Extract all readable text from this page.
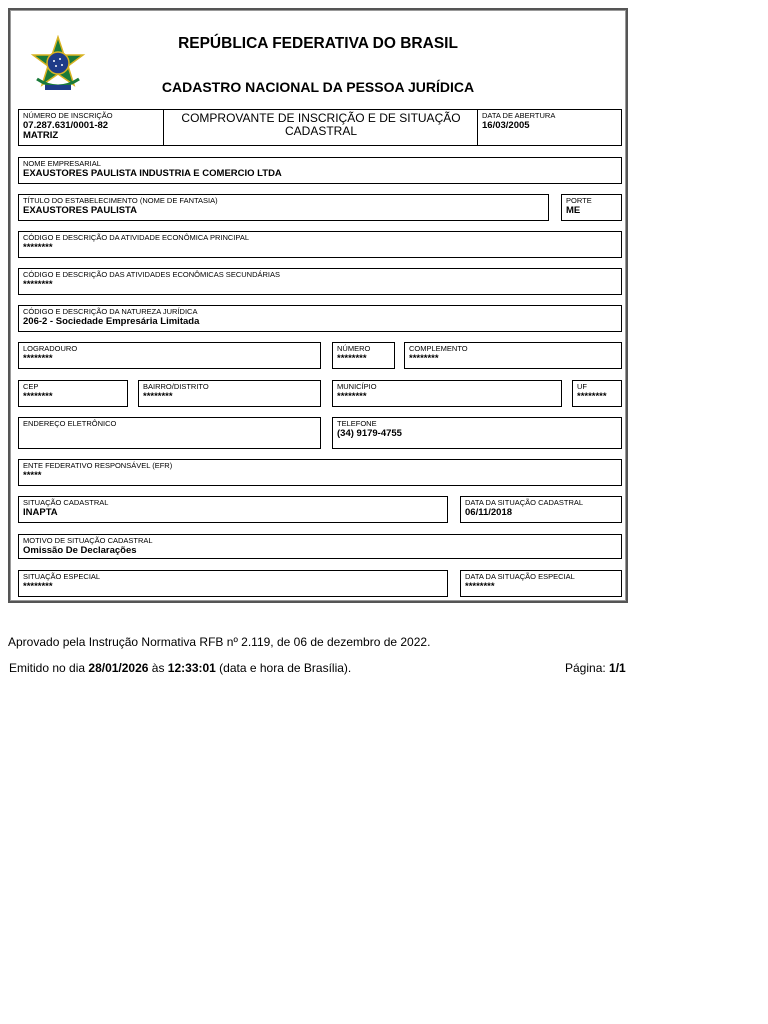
REPÚBLICA FEDERATIVA DO BRASIL
CADASTRO NACIONAL DA PESSOA JURÍDICA
NÚMERO DE INSCRIÇÃO
07.287.631/0001-82
MATRIZ
COMPROVANTE DE INSCRIÇÃO E DE SITUAÇÃO CADASTRAL
DATA DE ABERTURA
16/03/2005
NOME EMPRESARIAL
EXAUSTORES PAULISTA INDUSTRIA E COMERCIO LTDA
TÍTULO DO ESTABELECIMENTO (NOME DE FANTASIA)
EXAUSTORES PAULISTA
PORTE
ME
CÓDIGO E DESCRIÇÃO DA ATIVIDADE ECONÔMICA PRINCIPAL
********
CÓDIGO E DESCRIÇÃO DAS ATIVIDADES ECONÔMICAS SECUNDÁRIAS
********
CÓDIGO E DESCRIÇÃO DA NATUREZA JURÍDICA
206-2 - Sociedade Empresária Limitada
LOGRADOURO
********
NÚMERO
********
COMPLEMENTO
********
CEP
********
BAIRRO/DISTRITO
********
MUNICÍPIO
********
UF
********
ENDEREÇO ELETRÔNICO	TELEFONE
(34) 9179-4755
ENTE FEDERATIVO RESPONSÁVEL (EFR)
*****
SITUAÇÃO CADASTRAL
INAPTA
DATA DA SITUAÇÃO CADASTRAL
06/11/2018
MOTIVO DE SITUAÇÃO CADASTRAL
Omissão De Declarações
SITUAÇÃO ESPECIAL
********
DATA DA SITUAÇÃO ESPECIAL
********
Aprovado pela Instrução Normativa RFB nº 2.119, de 06 de dezembro de 2022.
Emitido no dia 28/01/2026 às 12:33:01 (data e hora de Brasília).	Página: 1/1
